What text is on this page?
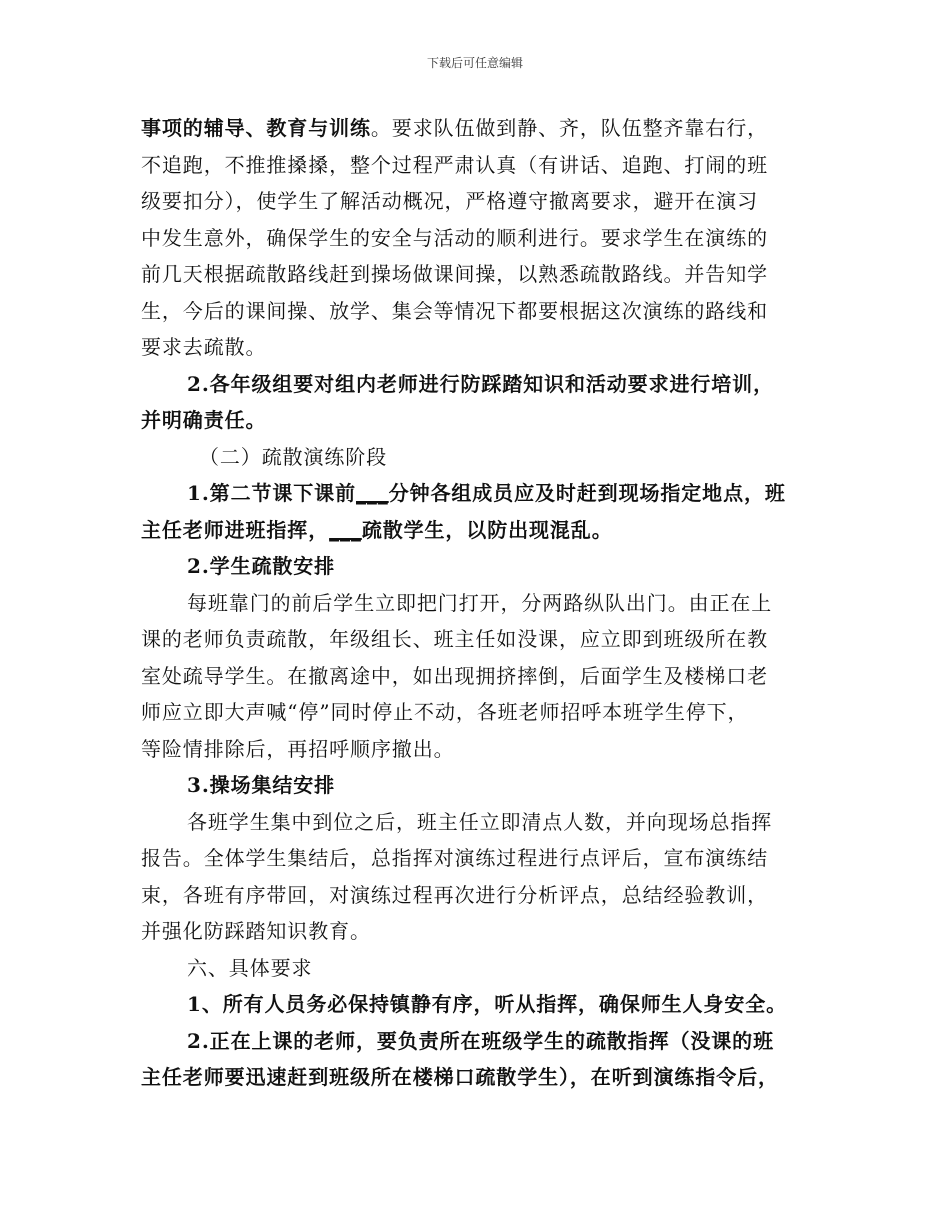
下载后可任意编辑
事项的辅导、教育与训练。要求队伍做到静、齐，队伍整齐靠右行，
不追跑，不推推搡搡，整个过程严肃认真（有讲话、追跑、打闹的班
级要扣分），使学生了解活动概况，严格遵守撤离要求，避开在演习
中发生意外，确保学生的安全与活动的顺利进行。要求学生在演练的
前几天根据疏散路线赶到操场做课间操，以熟悉疏散路线。并告知学
生，今后的课间操、放学、集会等情况下都要根据这次演练的路线和
要求去疏散。
2.各年级组要对组内老师进行防踩踏知识和活动要求进行培训，
并明确责任。
（二）疏散演练阶段
1.第二节课下课前___分钟各组成员应及时赶到现场指定地点，班
主任老师进班指挥，___疏散学生，以防出现混乱。
2.学生疏散安排
每班靠门的前后学生立即把门打开，分两路纵队出门。由正在上
课的老师负责疏散，年级组长、班主任如没课，应立即到班级所在教
室处疏导学生。在撤离途中，如出现拥挤摔倒，后面学生及楼梯口老
师应立即大声喊“停”同时停止不动，各班老师招呼本班学生停下，
等险情排除后，再招呼顺序撤出。
3.操场集结安排
各班学生集中到位之后，班主任立即清点人数，并向现场总指挥
报告。全体学生集结后，总指挥对演练过程进行点评后，宣布演练结
束，各班有序带回，对演练过程再次进行分析评点，总结经验教训，
并强化防踩踏知识教育。
六、具体要求
1、所有人员务必保持镇静有序，听从指挥，确保师生人身安全。
2.正在上课的老师，要负责所在班级学生的疏散指挥（没课的班
主任老师要迅速赶到班级所在楼梯口疏散学生），在听到演练指令后，
